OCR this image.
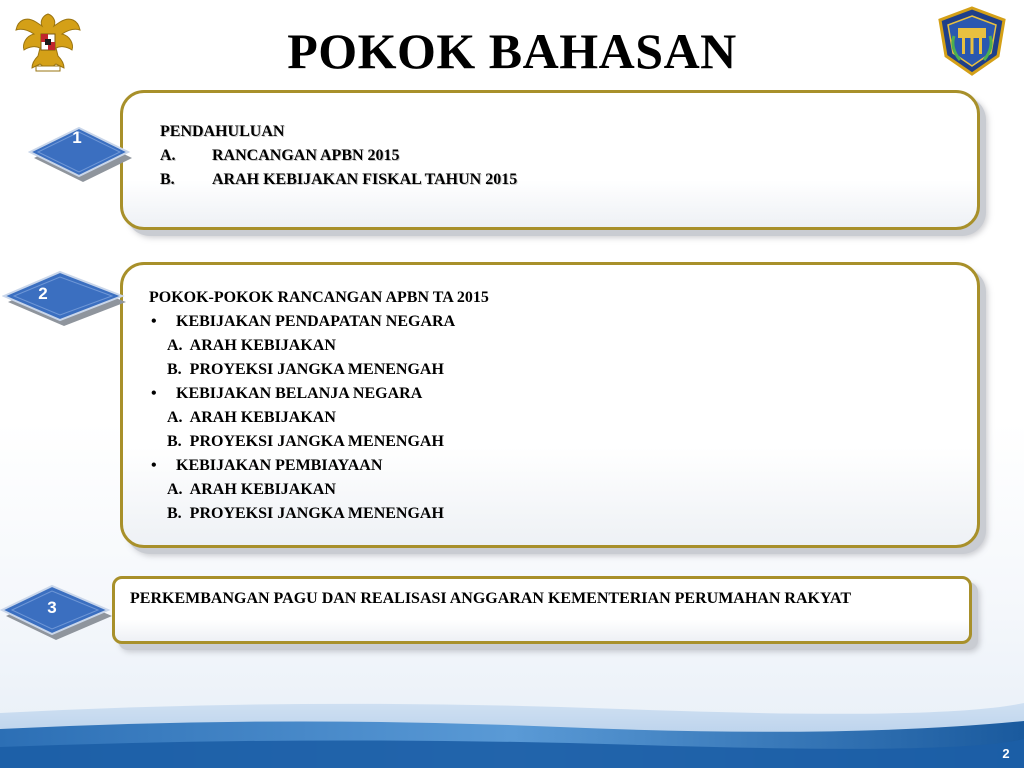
POKOK BAHASAN
1	PENDAHULUAN
A. RANCANGAN APBN 2015
B. ARAH KEBIJAKAN FISKAL TAHUN 2015
2	POKOK-POKOK RANCANGAN APBN TA 2015
• KEBIJAKAN PENDAPATAN NEGARA
A.  ARAH KEBIJAKAN
B.  PROYEKSI JANGKA MENENGAH
• KEBIJAKAN BELANJA NEGARA
A.  ARAH KEBIJAKAN
B.  PROYEKSI JANGKA MENENGAH
• KEBIJAKAN PEMBIAYAAN
A.  ARAH KEBIJAKAN
B.  PROYEKSI JANGKA MENENGAH
3	PERKEMBANGAN PAGU DAN REALISASI ANGGARAN KEMENTERIAN PERUMAHAN RAKYAT
2
